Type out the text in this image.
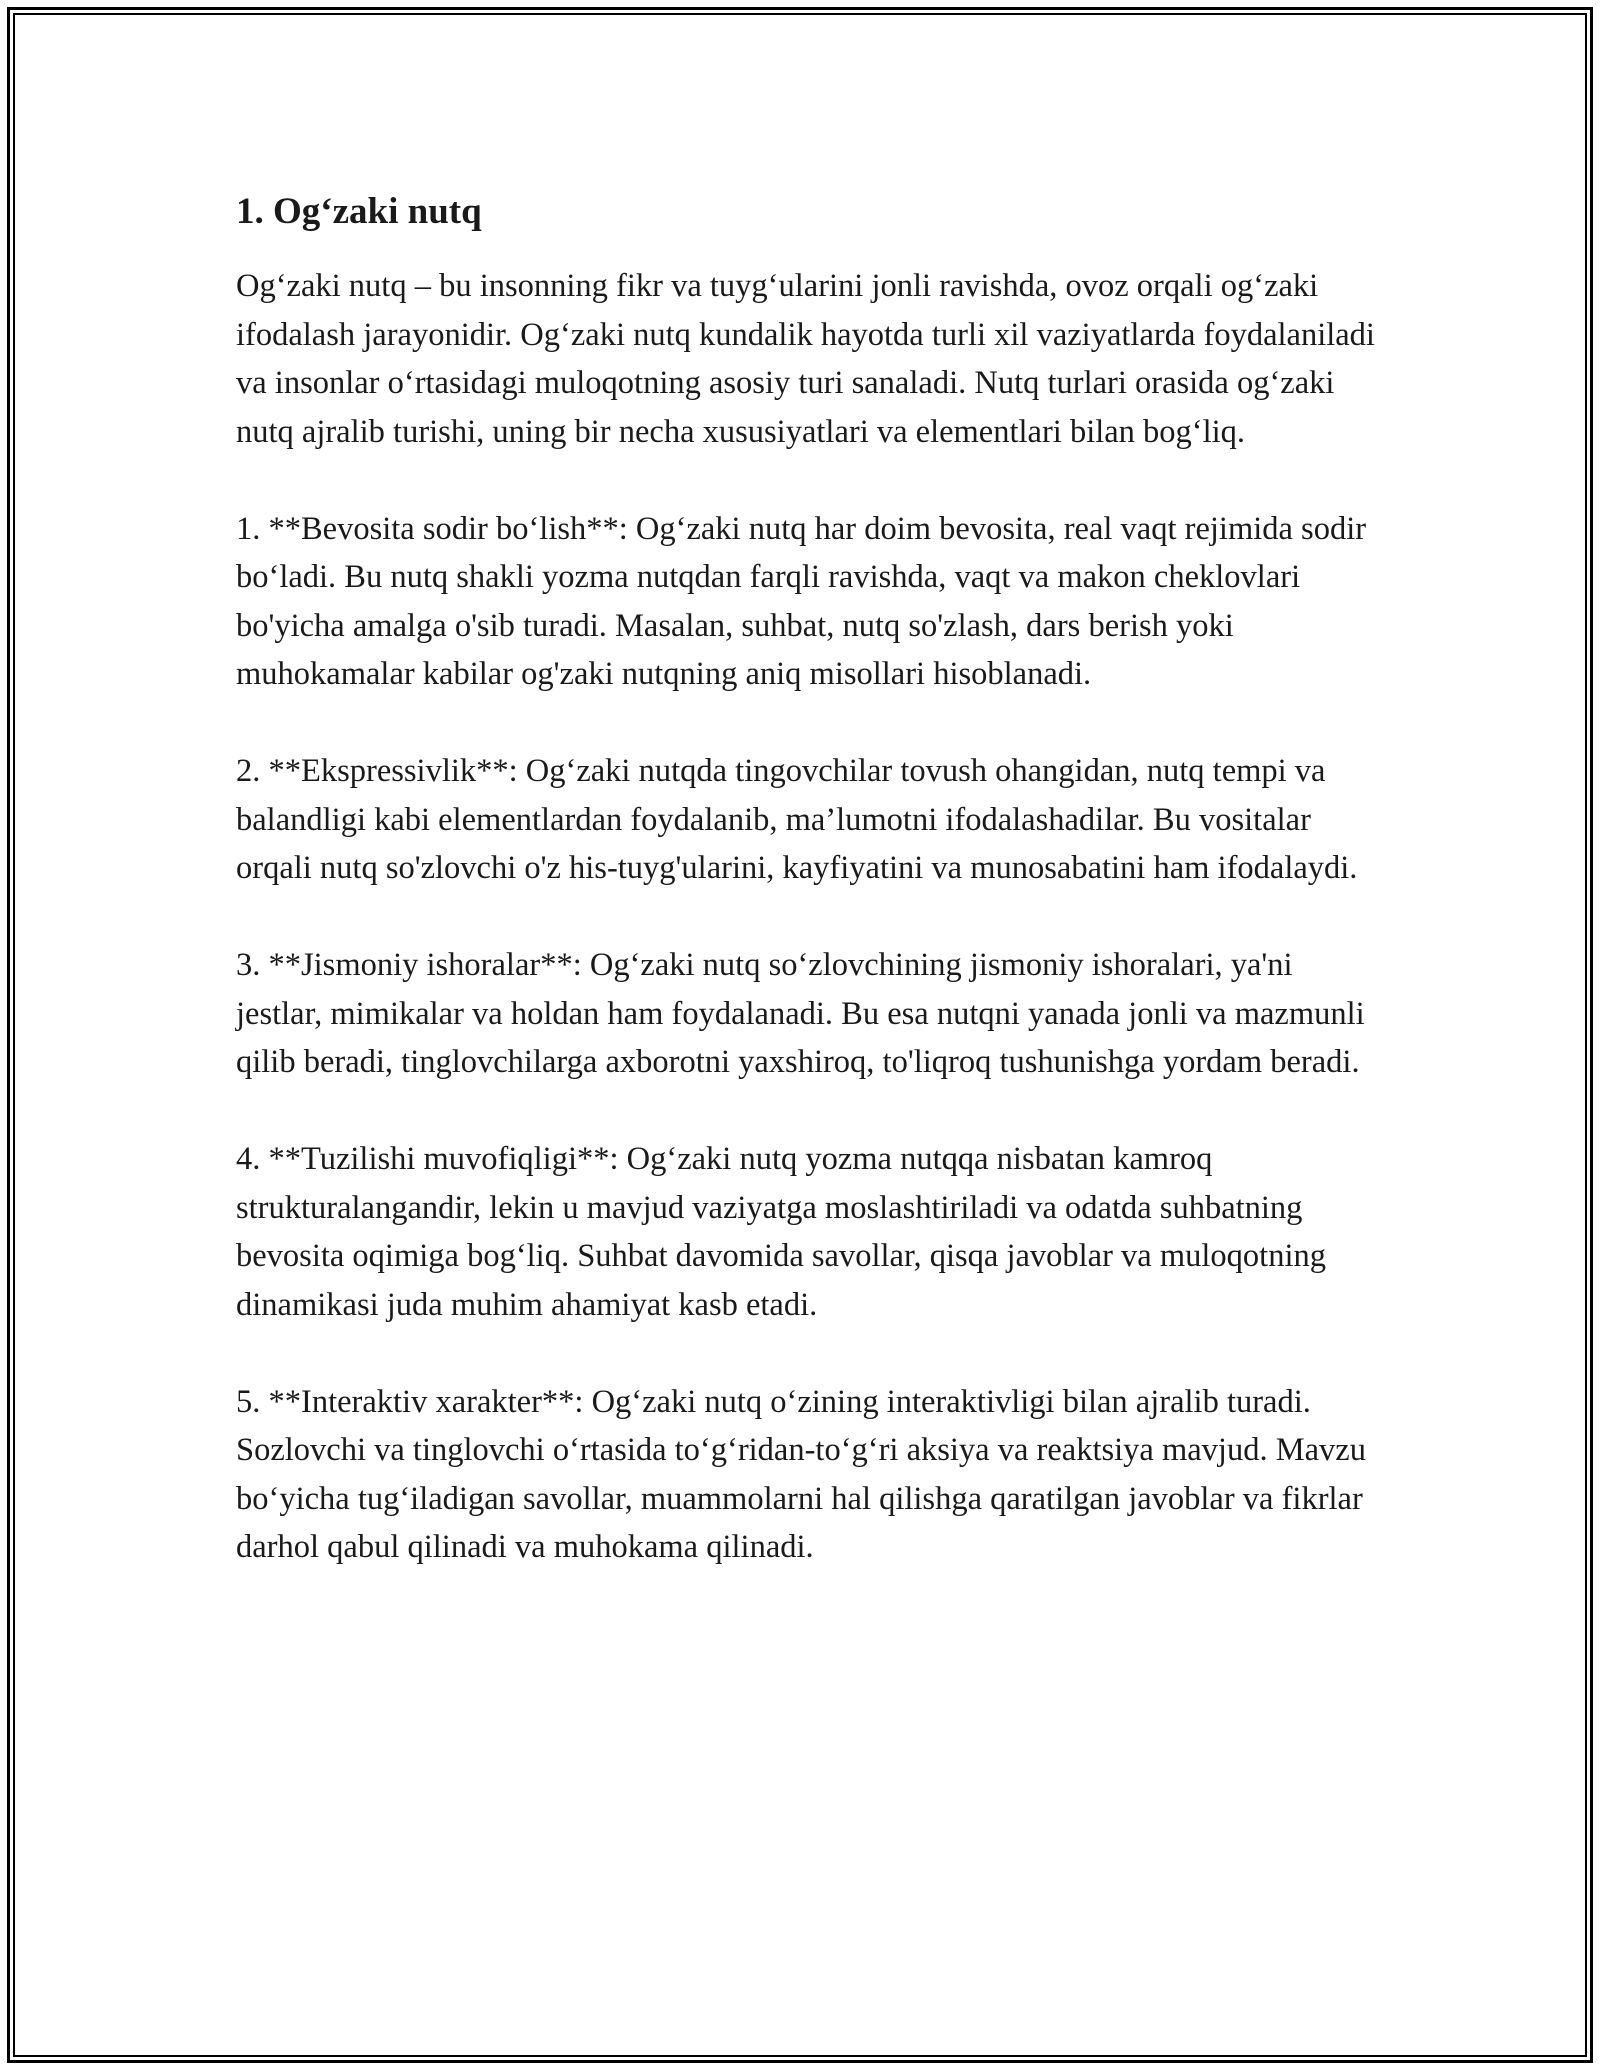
1. Og‘zaki nutq

Og‘zaki nutq – bu insonning fikr va tuyg‘ularini jonli ravishda, ovoz orqali og‘zaki ifodalash jarayonidir. Og‘zaki nutq kundalik hayotda turli xil vaziyatlarda foydalaniladi va insonlar o‘rtasidagi muloqotning asosiy turi sanaladi. Nutq turlari orasida og‘zaki nutq ajralib turishi, uning bir necha xususiyatlari va elementlari bilan bog‘liq.

1. **Bevosita sodir bo‘lish**: Og‘zaki nutq har doim bevosita, real vaqt rejimida sodir bo‘ladi. Bu nutq shakli yozma nutqdan farqli ravishda, vaqt va makon cheklovlari bo'yicha amalga o'sib turadi. Masalan, suhbat, nutq so'zlash, dars berish yoki muhokamalar kabilar og'zaki nutqning aniq misollari hisoblanadi.

2. **Ekspressivlik**: Og‘zaki nutqda tingovchilar tovush ohangidan, nutq tempi va balandligi kabi elementlardan foydalanib, ma’lumotni ifodalashadilar. Bu vositalar orqali nutq so'zlovchi o'z his-tuyg'ularini, kayfiyatini va munosabatini ham ifodalaydi.

3. **Jismoniy ishoralar**: Og‘zaki nutq so‘zlovchining jismoniy ishoralari, ya'ni jestlar, mimikalar va holdan ham foydalanadi. Bu esa nutqni yanada jonli va mazmunli qilib beradi, tinglovchilarga axborotni yaxshiroq, to'liqroq tushunishga yordam beradi.

4. **Tuzilishi muvofiqligi**: Og‘zaki nutq yozma nutqqa nisbatan kamroq strukturalangandir, lekin u mavjud vaziyatga moslashtiriladi va odatda suhbatning bevosita oqimiga bog‘liq. Suhbat davomida savollar, qisqa javoblar va muloqotning dinamikasi juda muhim ahamiyat kasb etadi.

5. **Interaktiv xarakter**: Og‘zaki nutq o‘zining interaktivligi bilan ajralib turadi. Sozlovchi va tinglovchi o‘rtasida to‘g‘ridan-to‘g‘ri aksiya va reaktsiya mavjud. Mavzu bo‘yicha tug‘iladigan savollar, muammolarni hal qilishga qaratilgan javoblar va fikrlar darhol qabul qilinadi va muhokama qilinadi.
